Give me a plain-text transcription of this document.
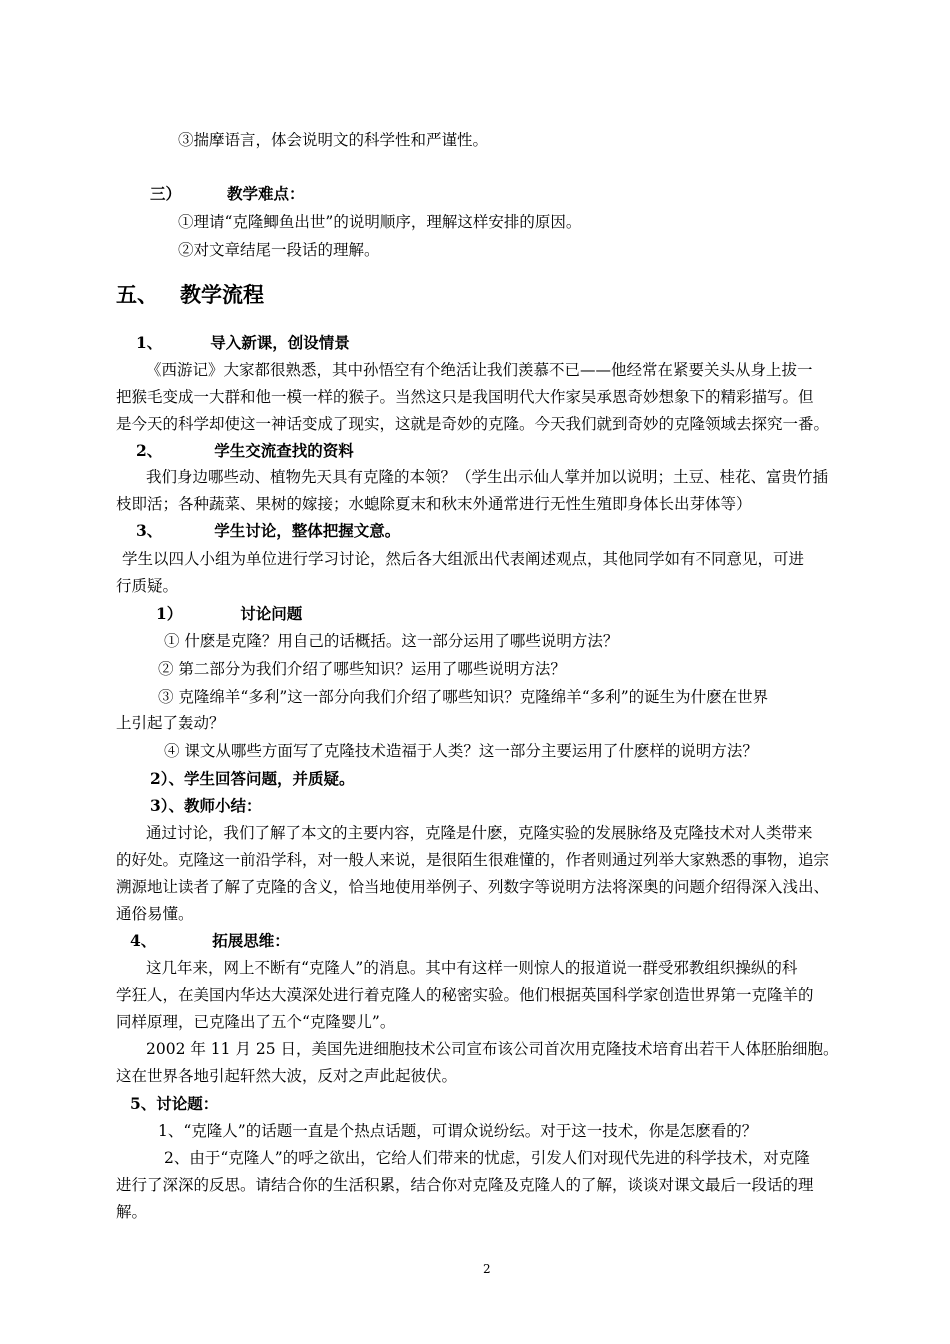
③揣摩语言，体会说明文的科学性和严谨性。
三）	教学难点：
①理请“克隆鲫鱼出世”的说明顺序，理解这样安排的原因。
②对文章结尾一段话的理解。
五、 教学流程
1、	导入新课，创设情景
《西游记》大家都很熟悉，其中孙悟空有个绝活让我们羡慕不已——他经常在紧要关头从身上拔一
把猴毛变成一大群和他一模一样的猴子。当然这只是我国明代大作家吴承恩奇妙想象下的精彩描写。但
是今天的科学却使这一神话变成了现实，这就是奇妙的克隆。今天我们就到奇妙的克隆领域去探究一番。
2、	学生交流查找的资料
我们身边哪些动、植物先天具有克隆的本领？（学生出示仙人掌并加以说明；土豆、桂花、富贵竹插
枝即活；各种蔬菜、果树的嫁接；水螅除夏末和秋末外通常进行无性生殖即身体长出芽体等）
3、	学生讨论，整体把握文意。
学生以四人小组为单位进行学习讨论，然后各大组派出代表阐述观点，其他同学如有不同意见，可进
行质疑。
1）	讨论问题
① 什麽是克隆？用自己的话概括。这一部分运用了哪些说明方法？
② 第二部分为我们介绍了哪些知识？运用了哪些说明方法？
③ 克隆绵羊“多利”这一部分向我们介绍了哪些知识？克隆绵羊“多利”的诞生为什麽在世界
上引起了轰动？
④ 课文从哪些方面写了克隆技术造福于人类？这一部分主要运用了什麽样的说明方法？
2）、学生回答问题，并质疑。
3）、教师小结：
通过讨论，我们了解了本文的主要内容，克隆是什麽，克隆实验的发展脉络及克隆技术对人类带来
的好处。克隆这一前沿学科，对一般人来说，是很陌生很难懂的，作者则通过列举大家熟悉的事物，追宗
溯源地让读者了解了克隆的含义，恰当地使用举例子、列数字等说明方法将深奥的问题介绍得深入浅出、
通俗易懂。
4、	拓展思维：
这几年来，网上不断有“克隆人”的消息。其中有这样一则惊人的报道说一群受邪教组织操纵的科
学狂人，在美国内华达大漠深处进行着克隆人的秘密实验。他们根据英国科学家创造世界第一克隆羊的
同样原理，已克隆出了五个“克隆婴儿”。
2002 年 11 月 25 日，美国先进细胞技术公司宣布该公司首次用克隆技术培育出若干人体胚胎细胞。
这在世界各地引起轩然大波，反对之声此起彼伏。
5、讨论题：
1、“克隆人”的话题一直是个热点话题，可谓众说纷纭。对于这一技术，你是怎麽看的？
2、由于“克隆人”的呼之欲出，它给人们带来的忧虑，引发人们对现代先进的科学技术，对克隆
进行了深深的反思。请结合你的生活积累，结合你对克隆及克隆人的了解，谈谈对课文最后一段话的理
解。
2
